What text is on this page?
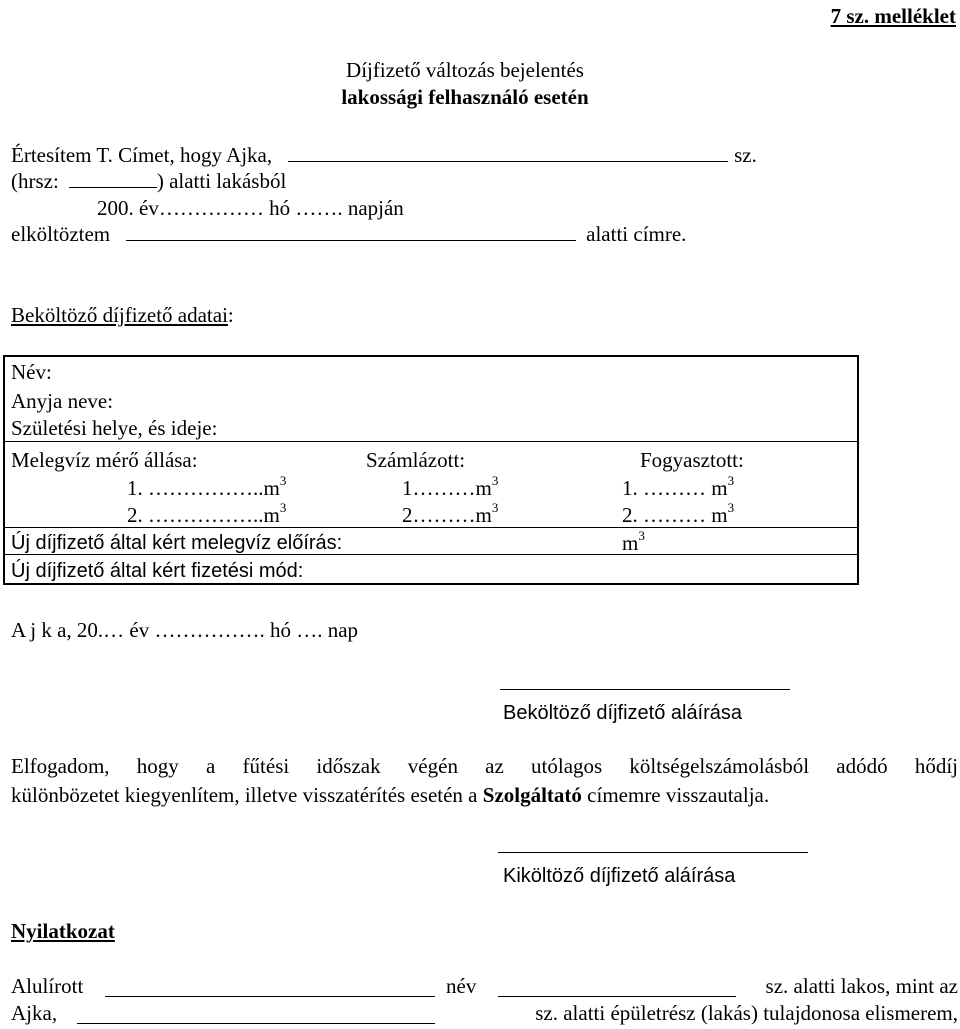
7 sz. melléklet
Díjfizető változás bejelentés
lakossági felhasználó esetén
Értesítem T. Címet, hogy Ajka,	sz.
(hrsz:	) alatti lakásból
200. év…………… hó ……. napján
elköltöztem	alatti címre.
Beköltöző díjfizető adatai:
Név:
Anyja neve:
Születési helye, és ideje:
Melegvíz mérő állása:	Számlázott:	Fogyasztott:
1. $\dots\dots\dots\dots\dots..m^3$	$1\dots\dots\dots m^3$	1. ……… $m^3$
2. $\dots\dots\dots\dots\dots..m^3$	$2\dots\dots\dots m^3$	2. ……… $m^3$
Új díjfizető által kért melegvíz előírás:	$m^3$
Új díjfizető által kért fizetési mód:
A j k a, 20.… év ……………. hó …. nap
Beköltöző díjfizető aláírása
Elfogadom, hogy a fűtési időszak végén az utólagos költségelszámolásból adódó hődíj
különbözetet kiegyenlítem, illetve visszatérítés esetén a Szolgáltató címemre visszautalja.
Kiköltöző díjfizető aláírása
Nyilatkozat
Alulírott	név	sz. alatti lakos, mint az
Ajka,	sz. alatti épületrész (lakás) tulajdonosa elismerem,
